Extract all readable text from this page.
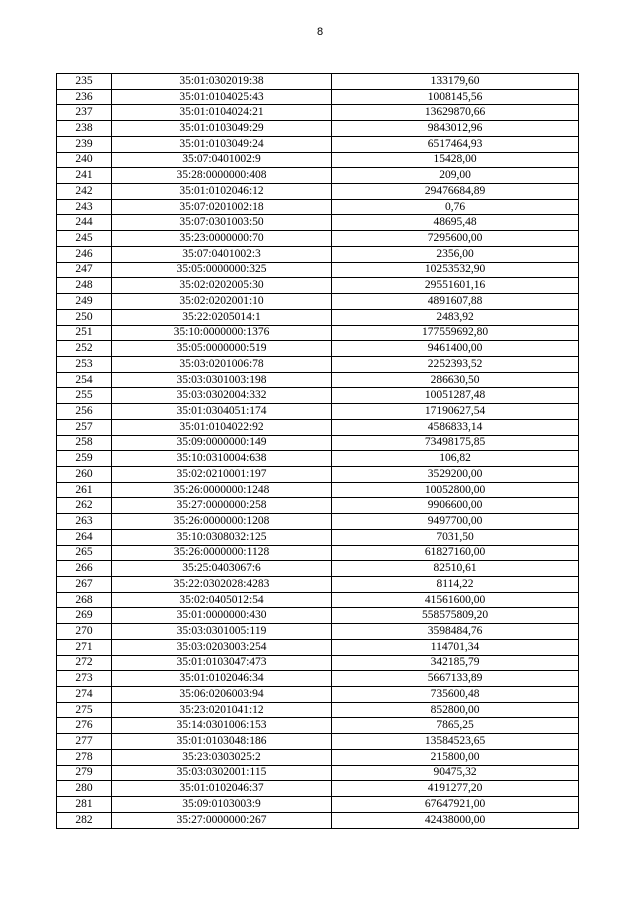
8
235	35:01:0302019:38	133179,60
236	35:01:0104025:43	1008145,56
237	35:01:0104024:21	13629870,66
238	35:01:0103049:29	9843012,96
239	35:01:0103049:24	6517464,93
240	35:07:0401002:9	15428,00
241	35:28:0000000:408	209,00
242	35:01:0102046:12	29476684,89
243	35:07:0201002:18	0,76
244	35:07:0301003:50	48695,48
245	35:23:0000000:70	7295600,00
246	35:07:0401002:3	2356,00
247	35:05:0000000:325	10253532,90
248	35:02:0202005:30	29551601,16
249	35:02:0202001:10	4891607,88
250	35:22:0205014:1	2483,92
251	35:10:0000000:1376	177559692,80
252	35:05:0000000:519	9461400,00
253	35:03:0201006:78	2252393,52
254	35:03:0301003:198	286630,50
255	35:03:0302004:332	10051287,48
256	35:01:0304051:174	17190627,54
257	35:01:0104022:92	4586833,14
258	35:09:0000000:149	73498175,85
259	35:10:0310004:638	106,82
260	35:02:0210001:197	3529200,00
261	35:26:0000000:1248	10052800,00
262	35:27:0000000:258	9906600,00
263	35:26:0000000:1208	9497700,00
264	35:10:0308032:125	7031,50
265	35:26:0000000:1128	61827160,00
266	35:25:0403067:6	82510,61
267	35:22:0302028:4283	8114,22
268	35:02:0405012:54	41561600,00
269	35:01:0000000:430	558575809,20
270	35:03:0301005:119	3598484,76
271	35:03:0203003:254	114701,34
272	35:01:0103047:473	342185,79
273	35:01:0102046:34	5667133,89
274	35:06:0206003:94	735600,48
275	35:23:0201041:12	852800,00
276	35:14:0301006:153	7865,25
277	35:01:0103048:186	13584523,65
278	35:23:0303025:2	215800,00
279	35:03:0302001:115	90475,32
280	35:01:0102046:37	4191277,20
281	35:09:0103003:9	67647921,00
282	35:27:0000000:267	42438000,00
